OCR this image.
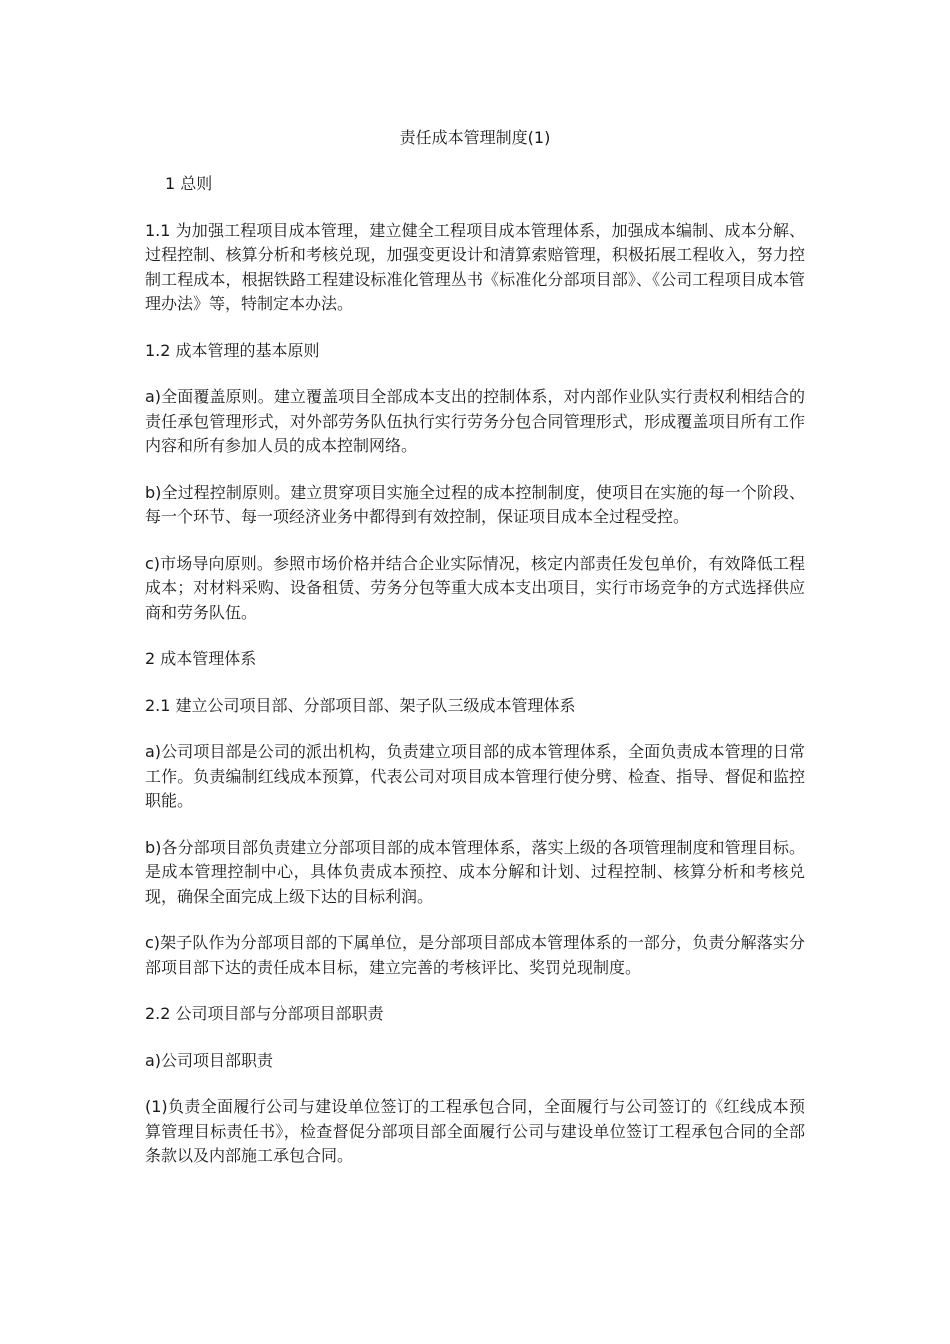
责任成本管理制度(1)

1 总则

1.1 为加强工程项目成本管理，建立健全工程项目成本管理体系，加强成本编制、成本分解、过程控制、核算分析和考核兑现，加强变更设计和清算索赔管理，积极拓展工程收入，努力控制工程成本，根据铁路工程建设标准化管理丛书《标准化分部项目部》、《公司工程项目成本管理办法》等，特制定本办法。

1.2 成本管理的基本原则

a)全面覆盖原则。建立覆盖项目全部成本支出的控制体系，对内部作业队实行责权利相结合的责任承包管理形式，对外部劳务队伍执行实行劳务分包合同管理形式，形成覆盖项目所有工作内容和所有参加人员的成本控制网络。

b)全过程控制原则。建立贯穿项目实施全过程的成本控制制度，使项目在实施的每一个阶段、每一个环节、每一项经济业务中都得到有效控制，保证项目成本全过程受控。

c)市场导向原则。参照市场价格并结合企业实际情况，核定内部责任发包单价，有效降低工程成本；对材料采购、设备租赁、劳务分包等重大成本支出项目，实行市场竞争的方式选择供应商和劳务队伍。

2 成本管理体系

2.1 建立公司项目部、分部项目部、架子队三级成本管理体系

a)公司项目部是公司的派出机构，负责建立项目部的成本管理体系，全面负责成本管理的日常工作。负责编制红线成本预算，代表公司对项目成本管理行使分劈、检查、指导、督促和监控职能。

b)各分部项目部负责建立分部项目部的成本管理体系，落实上级的各项管理制度和管理目标。是成本管理控制中心，具体负责成本预控、成本分解和计划、过程控制、核算分析和考核兑现，确保全面完成上级下达的目标利润。

c)架子队作为分部项目部的下属单位，是分部项目部成本管理体系的一部分，负责分解落实分部项目部下达的责任成本目标，建立完善的考核评比、奖罚兑现制度。

2.2 公司项目部与分部项目部职责

a)公司项目部职责

(1)负责全面履行公司与建设单位签订的工程承包合同，全面履行与公司签订的《红线成本预算管理目标责任书》，检查督促分部项目部全面履行公司与建设单位签订工程承包合同的全部条款以及内部施工承包合同。
